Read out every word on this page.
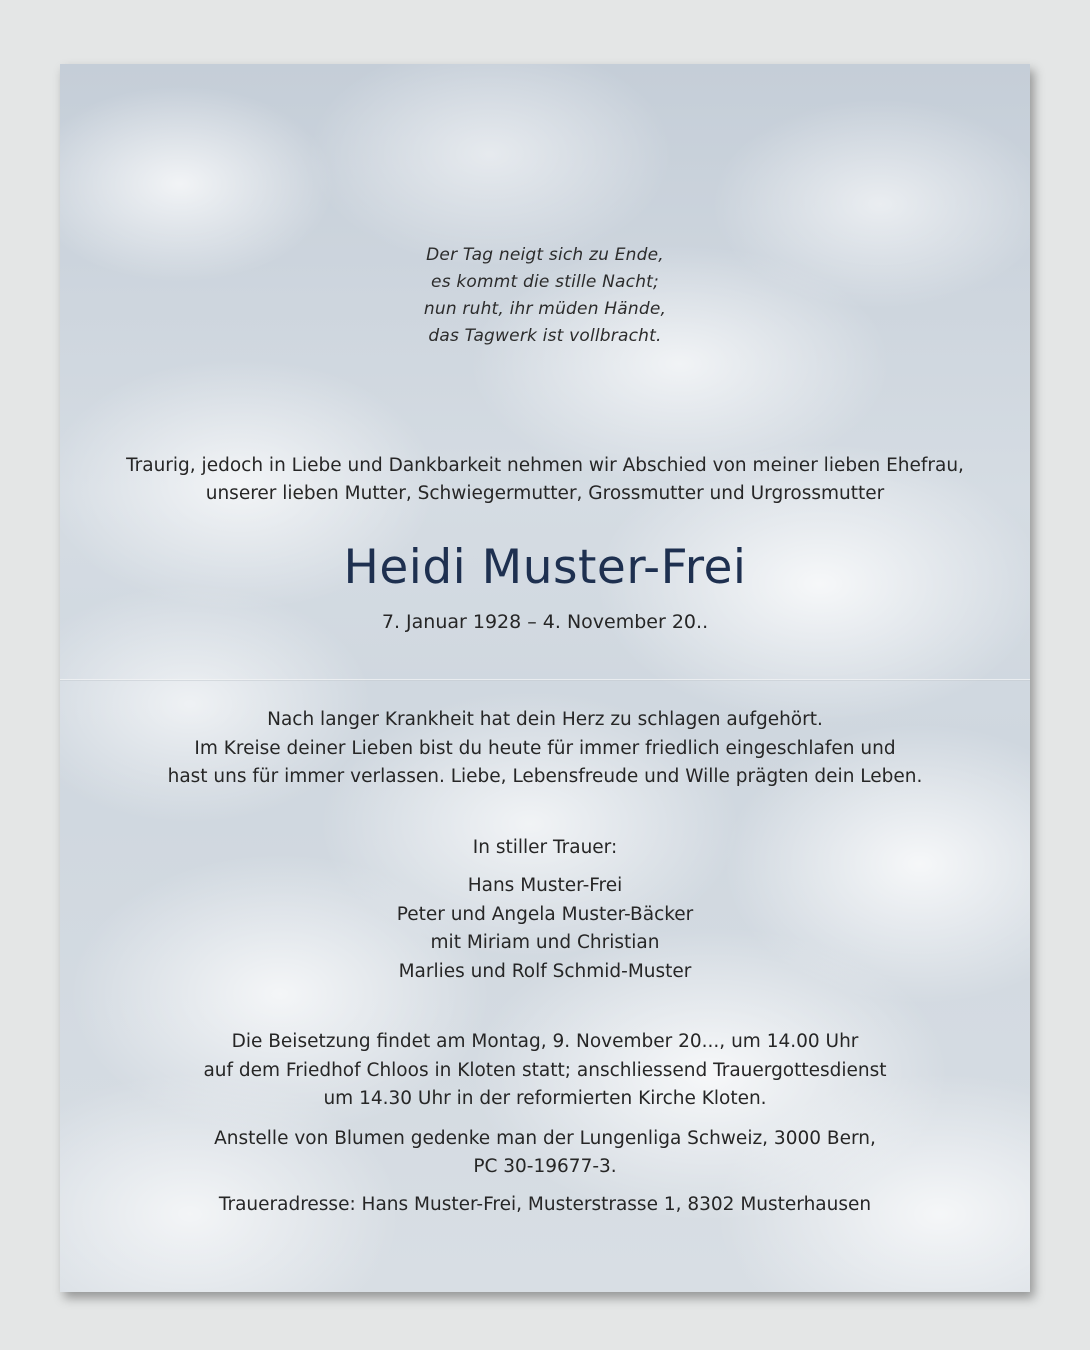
Der Tag neigt sich zu Ende,
es kommt die stille Nacht;
nun ruht, ihr müden Hände,
das Tagwerk ist vollbracht.
Traurig, jedoch in Liebe und Dankbarkeit nehmen wir Abschied von meiner lieben Ehefrau,
unserer lieben Mutter, Schwiegermutter, Grossmutter und Urgrossmutter
Heidi Muster-Frei
7. Januar 1928 – 4. November 20..
Nach langer Krankheit hat dein Herz zu schlagen aufgehört.
Im Kreise deiner Lieben bist du heute für immer friedlich eingeschlafen und
hast uns für immer verlassen. Liebe, Lebensfreude und Wille prägten dein Leben.
In stiller Trauer:
Hans Muster-Frei
Peter und Angela Muster-Bäcker
mit Miriam und Christian
Marlies und Rolf Schmid-Muster
Die Beisetzung findet am Montag, 9. November 20..., um 14.00 Uhr
auf dem Friedhof Chloos in Kloten statt; anschliessend Trauergottesdienst
um 14.30 Uhr in der reformierten Kirche Kloten.
Anstelle von Blumen gedenke man der Lungenliga Schweiz, 3000 Bern,
PC 30-19677-3.
Traueradresse: Hans Muster-Frei, Musterstrasse 1, 8302 Musterhausen
